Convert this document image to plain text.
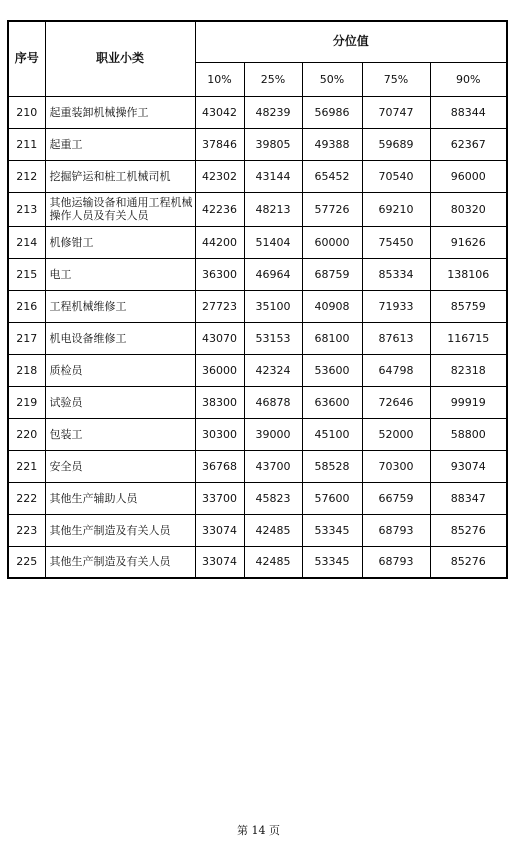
序号	职业小类	分位值				
		10%	25%	50%	75%	90%
210	起重装卸机械操作工	43042	48239	56986	70747	88344
211	起重工	37846	39805	49388	59689	62367
212	挖掘铲运和桩工机械司机	42302	43144	65452	70540	96000
213	其他运输设备和通用工程机械操作人员及有关人员	42236	48213	57726	69210	80320
214	机修钳工	44200	51404	60000	75450	91626
215	电工	36300	46964	68759	85334	138106
216	工程机械维修工	27723	35100	40908	71933	85759
217	机电设备维修工	43070	53153	68100	87613	116715
218	质检员	36000	42324	53600	64798	82318
219	试验员	38300	46878	63600	72646	99919
220	包装工	30300	39000	45100	52000	58800
221	安全员	36768	43700	58528	70300	93074
222	其他生产辅助人员	33700	45823	57600	66759	88347
223	其他生产制造及有关人员	33074	42485	53345	68793	85276
225	其他生产制造及有关人员	33074	42485	53345	68793	85276
第 14 页
